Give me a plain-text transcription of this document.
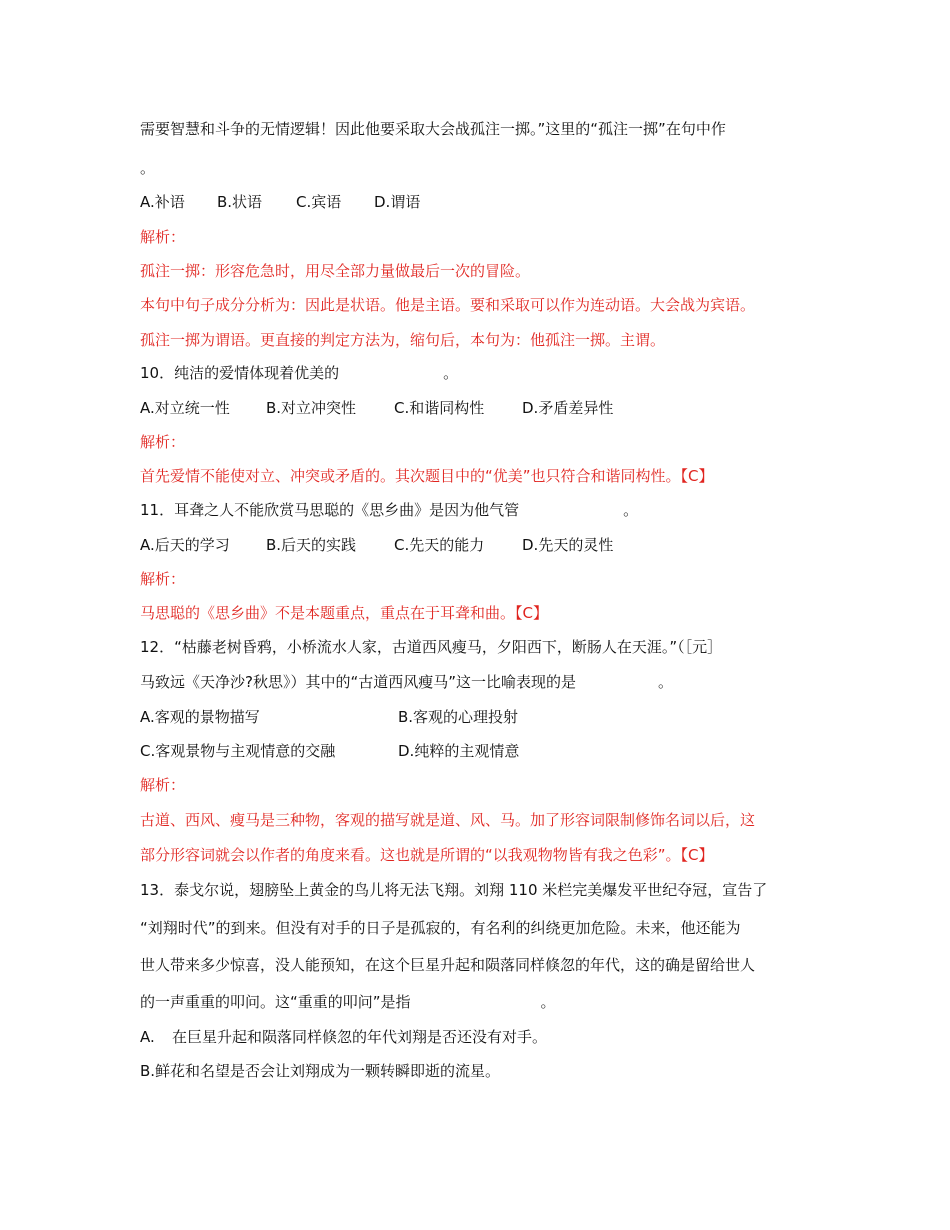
需要智慧和斗争的无情逻辑！因此他要采取大会战孤注一掷。”这里的“孤注一掷”在句中作
。
A.补语 B.状语 C.宾语 D.谓语
解析：
孤注一掷：形容危急时，用尽全部力量做最后一次的冒险。
本句中句子成分分析为：因此是状语。他是主语。要和采取可以作为连动语。大会战为宾语。
孤注一掷为谓语。更直接的判定方法为，缩句后，本句为：他孤注一掷。主谓。
10．纯洁的爱情体现着优美的	。
A.对立统一性 B.对立冲突性	C.和谐同构性	D.矛盾差异性
解析：
首先爱情不能使对立、冲突或矛盾的。其次题目中的“优美”也只符合和谐同构性。【C】
11．耳聋之人不能欣赏马思聪的《思乡曲》是因为他气管	。
A.后天的学习 B.后天的实践	C.先天的能力	D.先天的灵性
解析：
马思聪的《思乡曲》不是本题重点，重点在于耳聋和曲。【C】
12．“枯藤老树昏鸦，小桥流水人家，古道西风瘦马，夕阳西下，断肠人在天涯。”（［元］
马致远《天净沙?秋思》）其中的“古道西风瘦马”这一比喻表现的是	。
A.客观的景物描写	B.客观的心理投射
C.客观景物与主观情意的交融	D.纯粹的主观情意
解析：
古道、西风、瘦马是三种物，客观的描写就是道、风、马。加了形容词限制修饰名词以后，这
部分形容词就会以作者的角度来看。这也就是所谓的“以我观物物皆有我之色彩”。【C】
13．泰戈尔说，翅膀坠上黄金的鸟儿将无法飞翔。刘翔 110 米栏完美爆发平世纪夺冠，宣告了
“刘翔时代”的到来。但没有对手的日子是孤寂的，有名利的纠绕更加危险。未来，他还能为
世人带来多少惊喜，没人能预知，在这个巨星升起和陨落同样倏忽的年代，这的确是留给世人
的一声重重的叩问。这“重重的叩问”是指	。
A. 在巨星升起和陨落同样倏忽的年代刘翔是否还没有对手。
B.鲜花和名望是否会让刘翔成为一颗转瞬即逝的流星。
